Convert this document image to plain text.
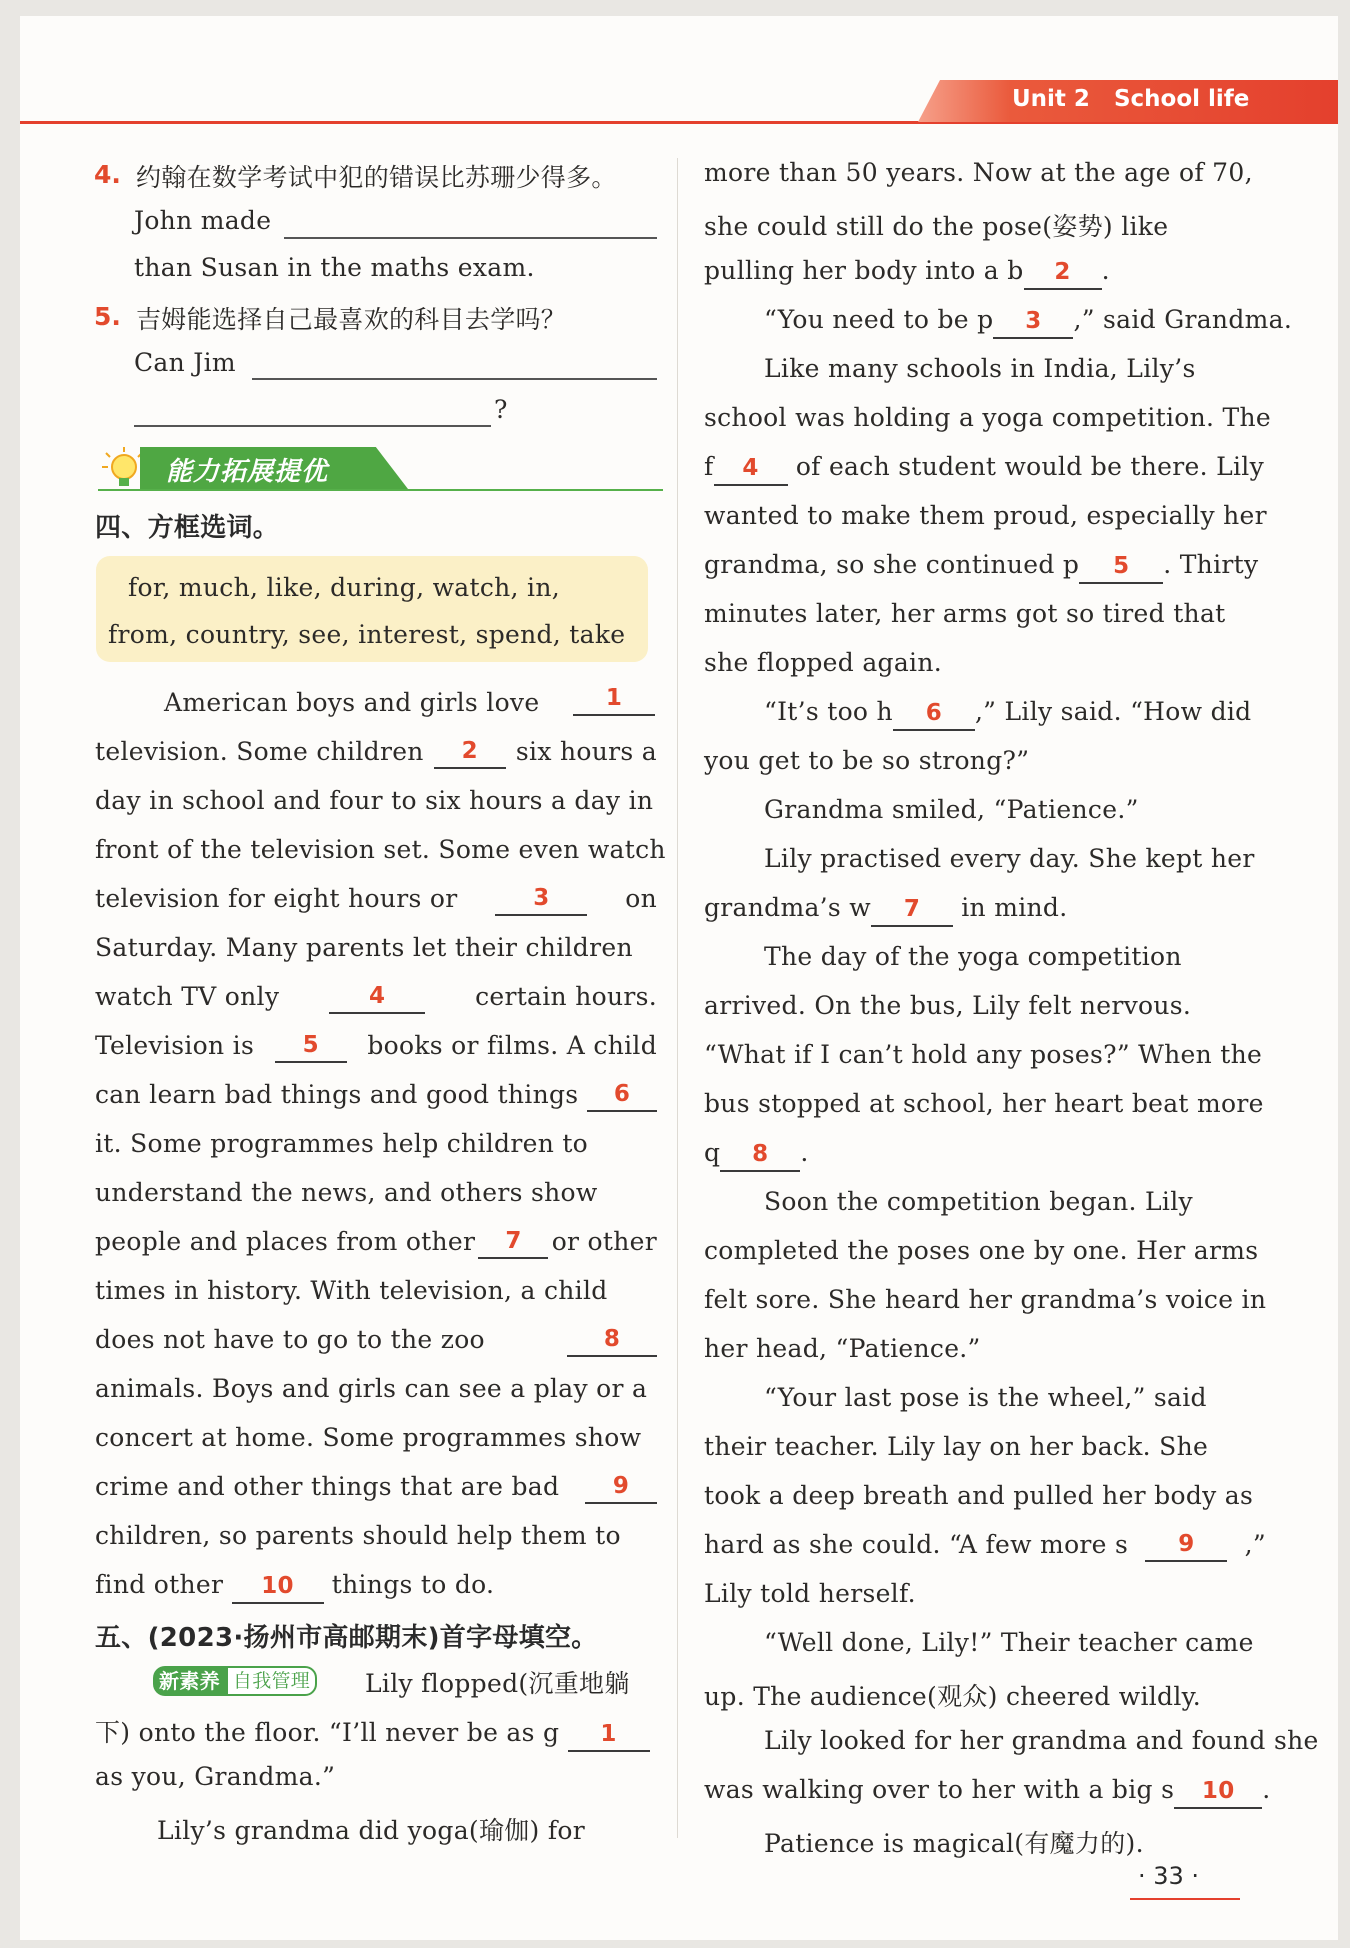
Unit 2 School life
4. 约翰在数学考试中犯的错误比苏珊少得多。
John made
than Susan in the maths exam.
5. 吉姆能选择自己最喜欢的科目去学吗？
Can Jim
?
能力拓展提优
四、方框选词。
for, much, like, during, watch, in,
from, country, see, interest, spend, take
American boys and girls love	1
television. Some children	2	six hours a
day in school and four to six hours a day in
front of the television set. Some even watch
television for eight hours or	3	on
Saturday. Many parents let their children
watch TV only	4	certain hours.
Television is	5	books or films. A child
can learn bad things and good things	6
it. Some programmes help children to
understand the news, and others show
people and places from other	7	or other
times in history. With television, a child
does not have to go to the zoo	8
animals. Boys and girls can see a play or a
concert at home. Some programmes show
crime and other things that are bad	9
children, so parents should help them to
find other 10 things to do.
五、(2023·扬州市高邮期末)首字母填空。
新素养 自我管理 Lily flopped(沉重地躺
下) onto the floor. “I’ll never be as g 1
as you, Grandma.”
Lily’s grandma did yoga(瑜伽) for
more than 50 years. Now at the age of 70,
she could still do the pose(姿势) like
pulling her body into a b 2 .
“You need to be p 3 ,” said Grandma.
Like many schools in India, Lily’s
school was holding a yoga competition. The
f 4 of each student would be there. Lily
wanted to make them proud, especially her
grandma, so she continued p 5 . Thirty
minutes later, her arms got so tired that
she flopped again.
“It’s too h 6 ,” Lily said. “How did
you get to be so strong?”
Grandma smiled, “Patience.”
Lily practised every day. She kept her
grandma’s w 7 in mind.
The day of the yoga competition
arrived. On the bus, Lily felt nervous.
“What if I can’t hold any poses?” When the
bus stopped at school, her heart beat more
q 8 .
Soon the competition began. Lily
completed the poses one by one. Her arms
felt sore. She heard her grandma’s voice in
her head, “Patience.”
“Your last pose is the wheel,” said
their teacher. Lily lay on her back. She
took a deep breath and pulled her body as
hard as she could. “A few more s	9	,”
Lily told herself.
“Well done, Lily!” Their teacher came
up. The audience(观众) cheered wildly.
Lily looked for her grandma and found she
was walking over to her with a big s 10 .
Patience is magical(有魔力的).
· 33 ·
